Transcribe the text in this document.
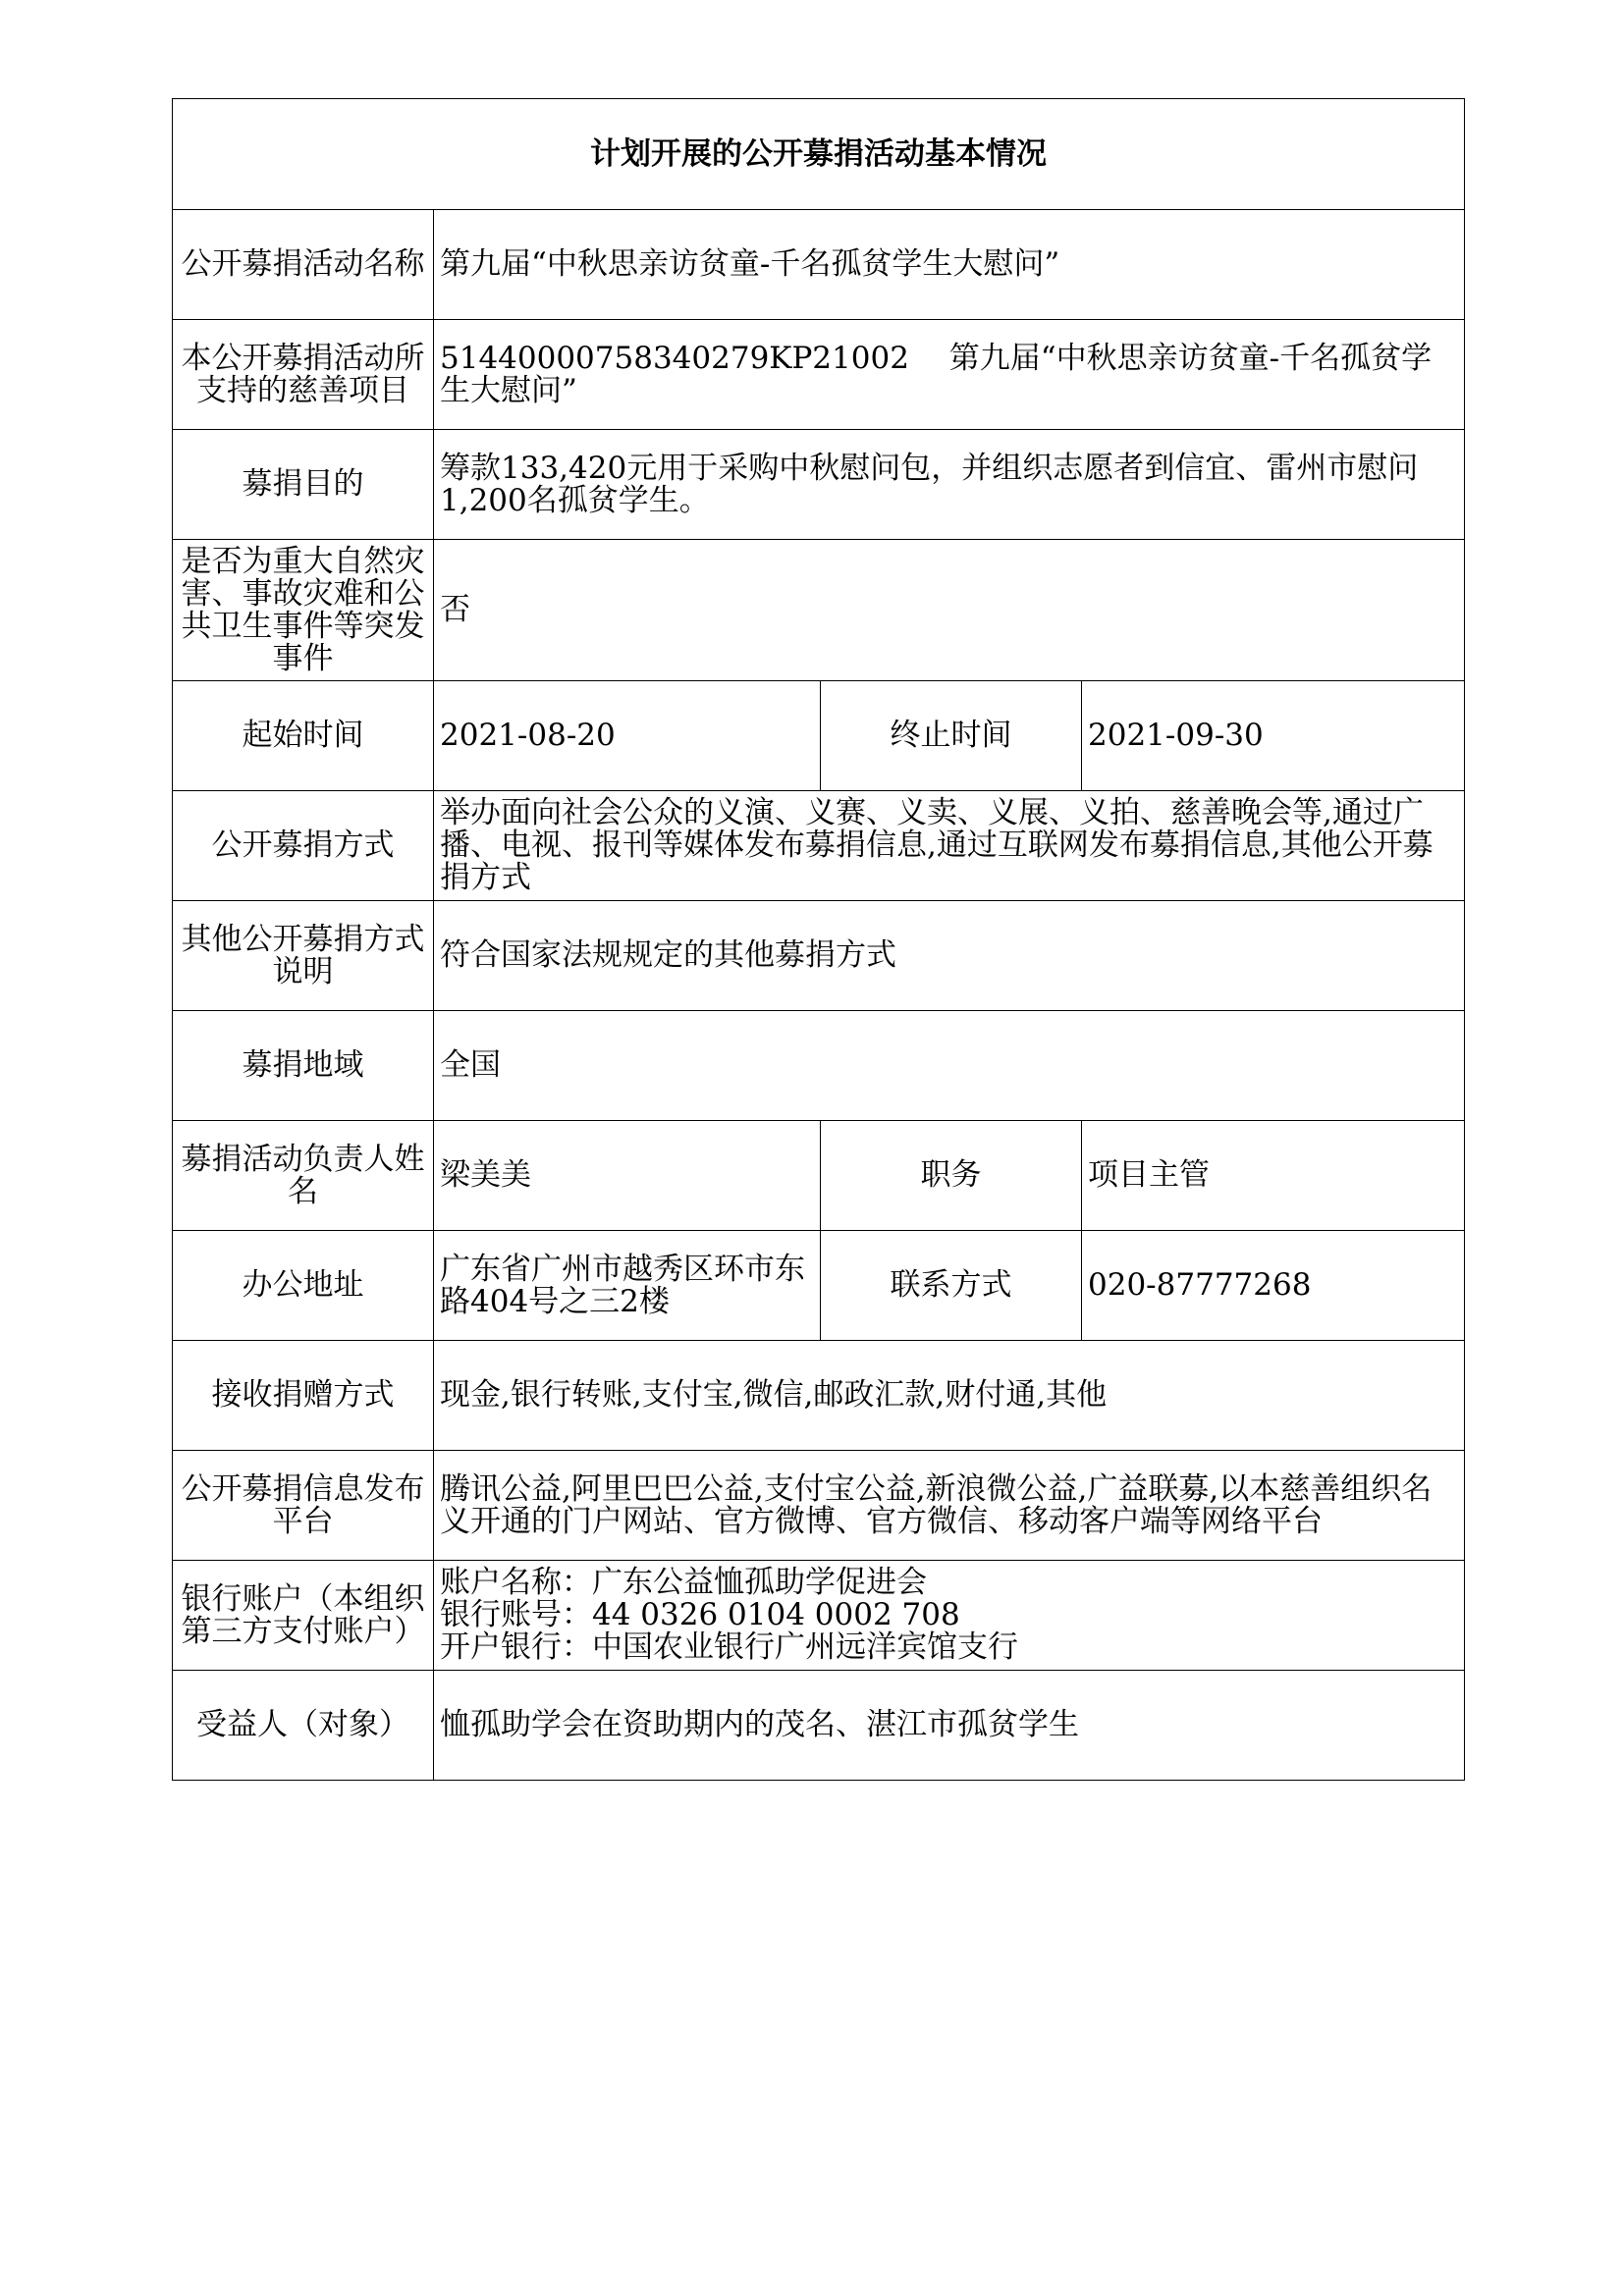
计划开展的公开募捐活动基本情况			
公开募捐活动名称	第九届“中秋思亲访贫童-千名孤贫学生大慰问”		
本公开募捐活动所支持的慈善项目	51440000758340279KP21002　 第九届“中秋思亲访贫童-千名孤贫学生大慰问”		
募捐目的	筹款133,420元用于采购中秋慰问包，并组织志愿者到信宜、雷州市慰问1,200名孤贫学生。		
是否为重大自然灾害、事故灾难和公共卫生事件等突发事件	否		
起始时间	2021-08-20	终止时间	2021-09-30
公开募捐方式	举办面向社会公众的义演、义赛、义卖、义展、义拍、慈善晚会等,通过广播、电视、报刊等媒体发布募捐信息,通过互联网发布募捐信息,其他公开募捐方式		
其他公开募捐方式说明	符合国家法规规定的其他募捐方式		
募捐地域	全国		
募捐活动负责人姓名	梁美美	职务	项目主管
办公地址	广东省广州市越秀区环市东路404号之三2楼	联系方式	020-87777268
接收捐赠方式	现金,银行转账,支付宝,微信,邮政汇款,财付通,其他		
公开募捐信息发布平台	腾讯公益,阿里巴巴公益,支付宝公益,新浪微公益,广益联募,以本慈善组织名义开通的门户网站、官方微博、官方微信、移动客户端等网络平台		
银行账户（本组织第三方支付账户）	账户名称：广东公益恤孤助学促进会
银行账号：44 0326 0104 0002 708
开户银行：中国农业银行广州远洋宾馆支行		

受益人（对象）	恤孤助学会在资助期内的茂名、湛江市孤贫学生		
